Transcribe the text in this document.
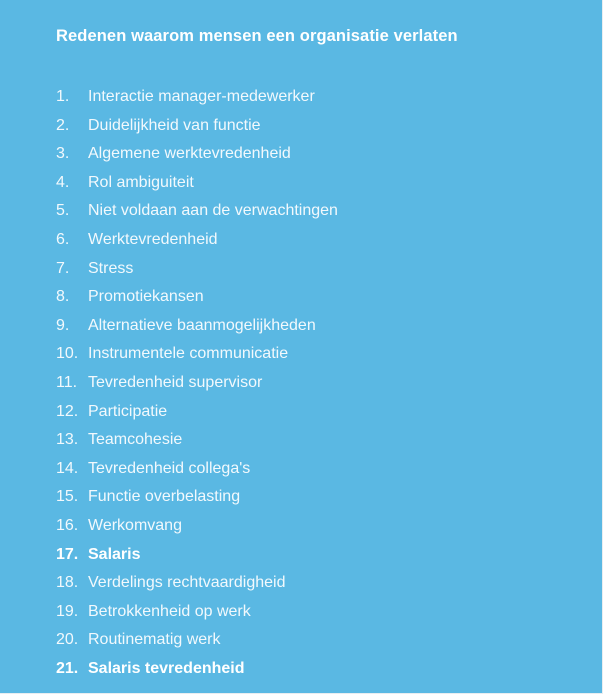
Redenen waarom mensen een organisatie verlaten
1.	Interactie manager-medewerker
2.	Duidelijkheid van functie
3.	Algemene werktevredenheid
4.	Rol ambiguiteit
5.	Niet voldaan aan de verwachtingen
6.	Werktevredenheid
7.	Stress
8.	Promotiekansen
9.	Alternatieve baanmogelijkheden
10. Instrumentele communicatie
11. Tevredenheid supervisor
12. Participatie
13. Teamcohesie
14. Tevredenheid collega's
15. Functie overbelasting
16. Werkomvang
17. Salaris
18. Verdelings rechtvaardigheid
19. Betrokkenheid op werk
20. Routinematig werk
21. Salaris tevredenheid
